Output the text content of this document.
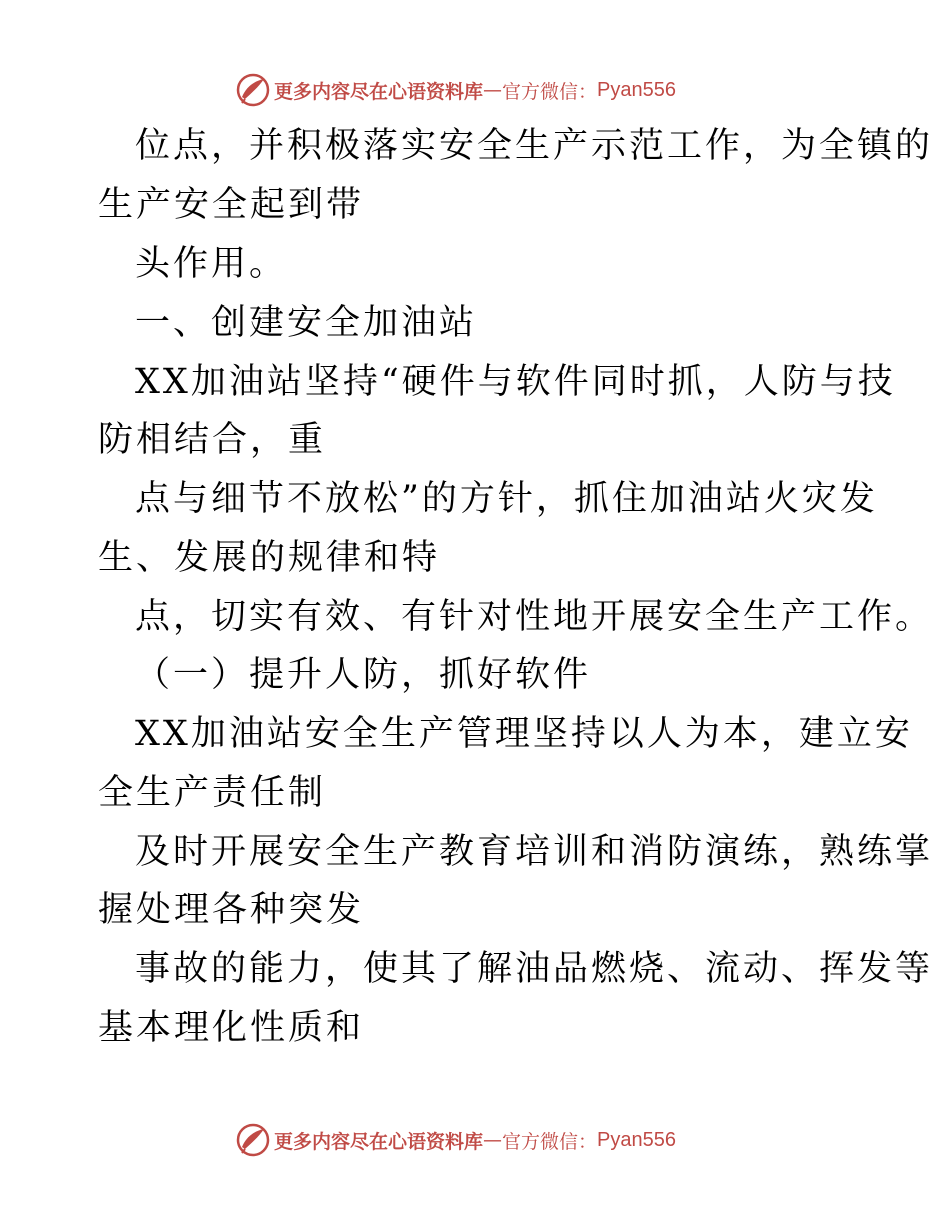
更多内容尽在心语资料库 — 官方微信： Pyan556
位点，并积极落实安全生产示范工作，为全镇的
生产安全起到带
头作用。
一、创建安全加油站
XX加油站坚持“硬件与软件同时抓，人防与技
防相结合，重
点与细节不放松”的方针，抓住加油站火灾发
生、发展的规律和特
点，切实有效、有针对性地开展安全生产工作。
（一）提升人防，抓好软件
XX加油站安全生产管理坚持以人为本，建立安
全生产责任制
及时开展安全生产教育培训和消防演练，熟练掌
握处理各种突发
事故的能力，使其了解油品燃烧、流动、挥发等
基本理化性质和
更多内容尽在心语资料库 — 官方微信： Pyan556
